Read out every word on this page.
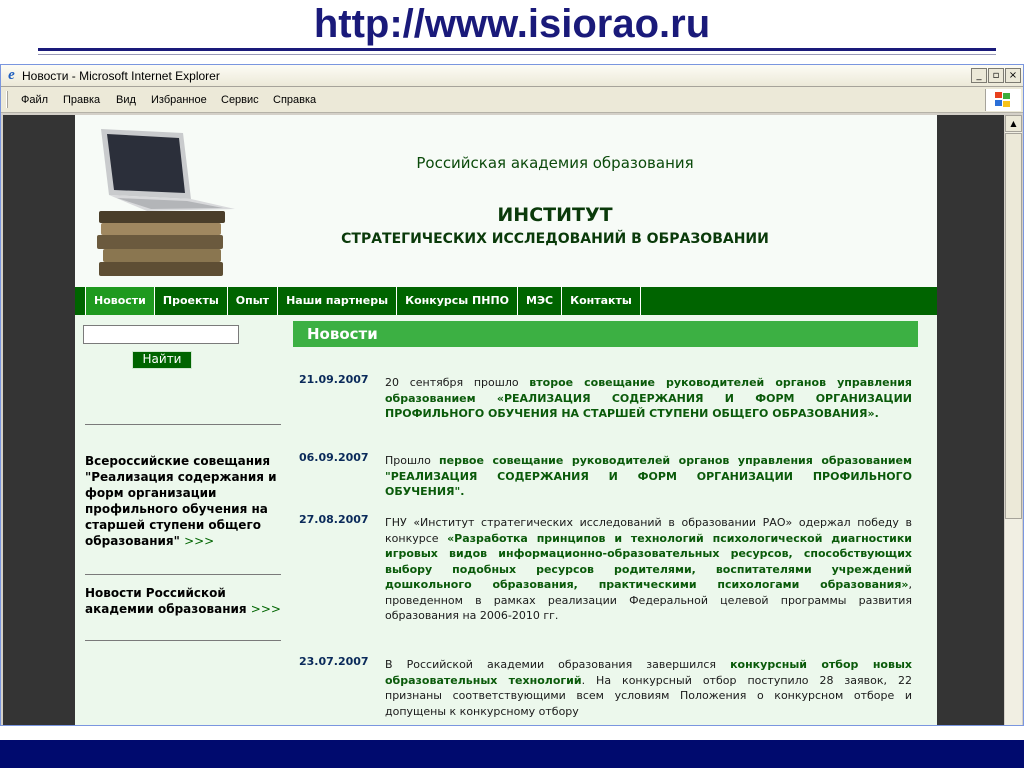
http://www.isiorao.ru
e Новости - Microsoft Internet Explorer	_	▫ ×
Файл Правка Вид Избранное Сервис Справка
Российская академия образования
ИНСТИТУТ
СТРАТЕГИЧЕСКИХ ИССЛЕДОВАНИЙ В ОБРАЗОВАНИИ
Новости	Проекты	Опыт	Наши партнеры	Конкурсы ПНПО	МЭС	Контакты
Найти
Всероссийские совещания "Реализация содержания и форм организации профильного обучения на старшей ступени общего образования" >>>
Новости Российской академии образования >>>
Новости
21.09.2007 20 сентября прошло второе совещание руководителей органов управления образованием «РЕАЛИЗАЦИЯ СОДЕРЖАНИЯ И ФОРМ ОРГАНИЗАЦИИ ПРОФИЛЬНОГО ОБУЧЕНИЯ НА СТАРШЕЙ СТУПЕНИ ОБЩЕГО ОБРАЗОВАНИЯ».
06.09.2007 Прошло первое совещание руководителей органов управления образованием "РЕАЛИЗАЦИЯ СОДЕРЖАНИЯ И ФОРМ ОРГАНИЗАЦИИ ПРОФИЛЬНОГО ОБУЧЕНИЯ".
27.08.2007 ГНУ «Институт стратегических исследований в образовании РАО» одержал победу в конкурсе «Разработка принципов и технологий психологической диагностики игровых видов информационно-образовательных ресурсов, способствующих выбору подобных ресурсов родителями, воспитателями учреждений дошкольного образования, практическими психологами образования», проведенном в рамках реализации Федеральной целевой программы развития образования на 2006-2010 гг.
23.07.2007 В Российской академии образования завершился конкурсный отбор новых образовательных технологий. На конкурсный отбор поступило 28 заявок, 22 признаны соответствующими всем условиям Положения о конкурсном отборе и допущены к конкурсному отбору
▲
